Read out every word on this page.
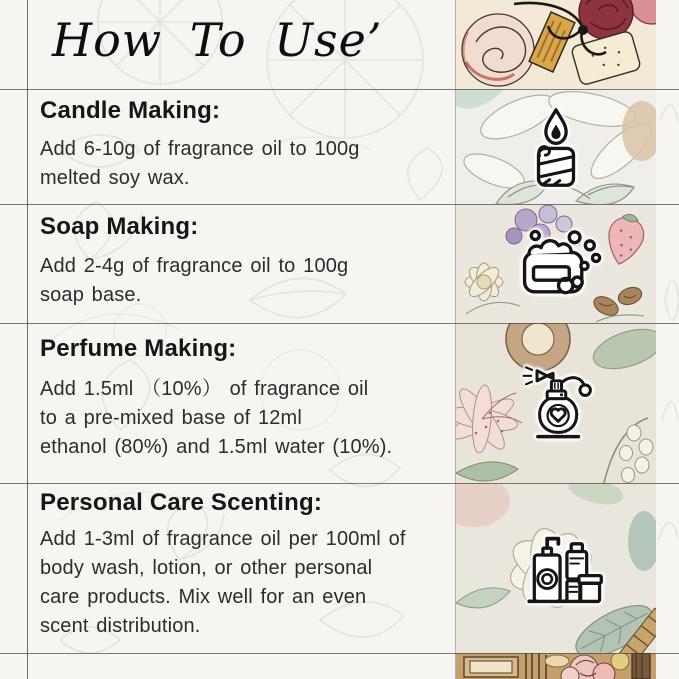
How To Use’
Candle Making:

Add 6-10g of fragrance oil to 100g
melted soy wax.

Soap Making:

Add 2-4g of fragrance oil to 100g
soap base.

Perfume Making:

Add 1.5ml （10%） of fragrance oil
to a pre-mixed base of 12ml
ethanol (80%) and 1.5ml water (10%).

Personal Care Scenting:

Add 1-3ml of fragrance oil per 100ml of
body wash, lotion, or other personal
care products. Mix well for an even
scent distribution.
